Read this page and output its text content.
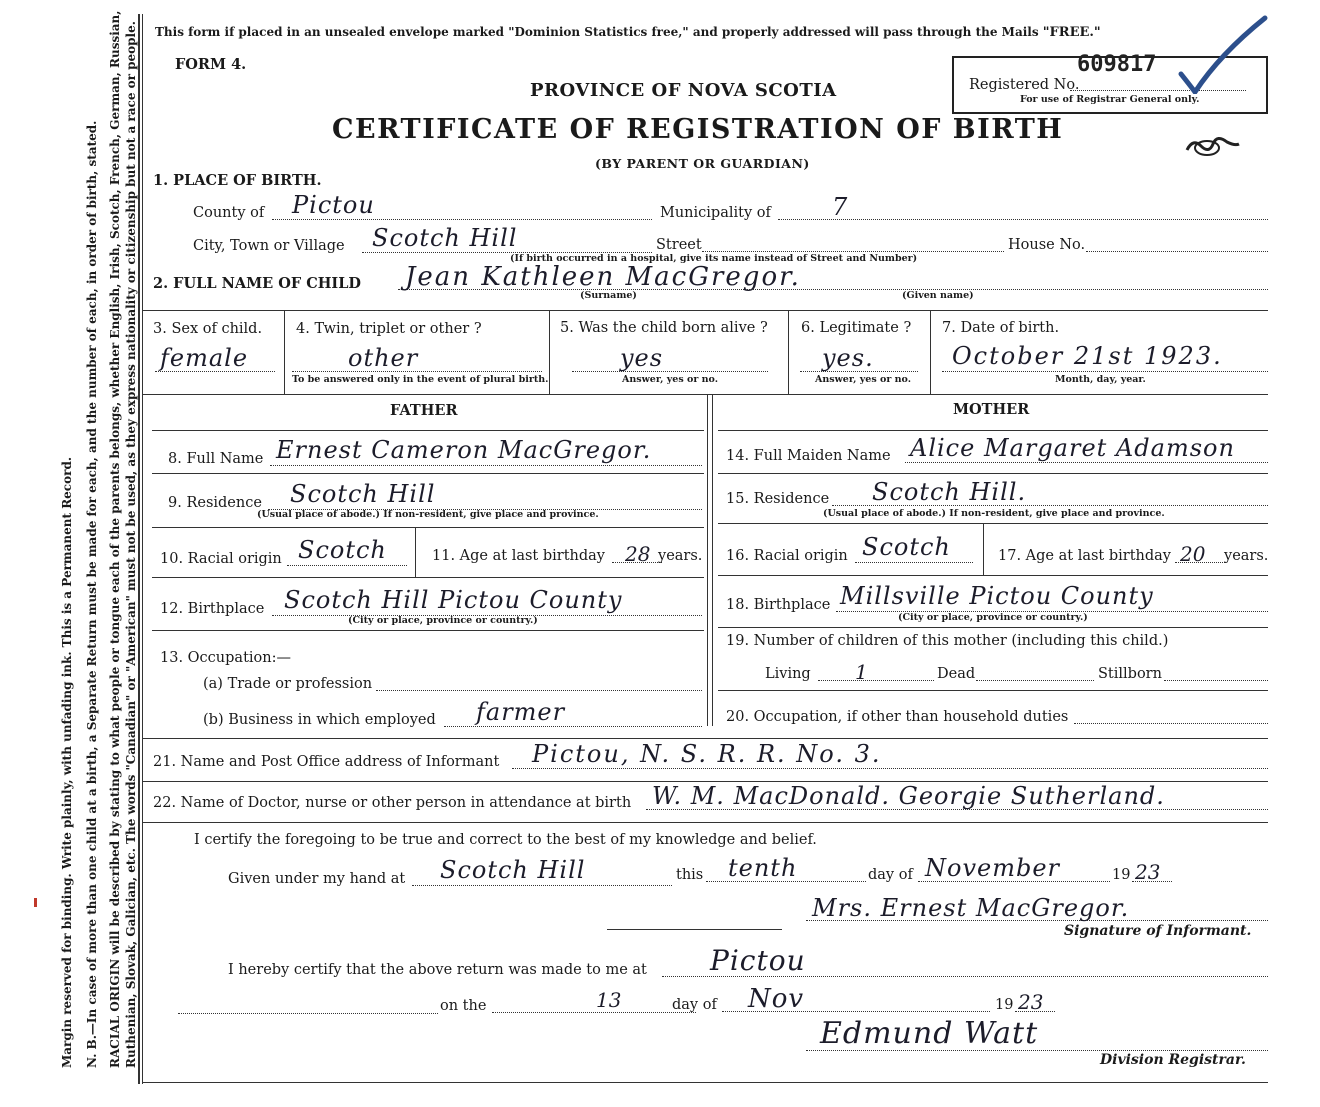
Margin reserved for binding. Write plainly, with unfading ink. This is a Permanent Record. N. B.—In case of more than one child at a birth, a Separate Return must be made for each, and the number of each, in order of birth, stated. RACIAL ORIGIN will be described by stating to what people or tongue each of the parents belongs, whether English, Irish, Scotch, French, German, Russian, Ruthenian, Slovak, Galician, etc. The words "Canadian" or "American" must not be used, as they express nationality or citizenship but not a race or people. This form if placed in an unsealed envelope marked "Dominion Statistics free," and properly addressed will pass through the Mails "FREE."
FORM 4.
PROVINCE OF NOVA SCOTIA
CERTIFICATE OF REGISTRATION OF BIRTH
(BY PARENT OR GUARDIAN)
Registered No.
609817
For use of Registrar General only.
1. PLACE OF BIRTH.
County of Pictou	Municipality of	7
City, Town or Village Scotch Hill	Street
(If birth occurred in a hospital, give its name instead of Street and Number)
House No.
2. FULL NAME OF CHILD Jean Kathleen MacGregor.
(Surname)	(Given name)
3. Sex of child.
female
4. Twin, triplet or other ?
other
To be answered only in the event of plural birth.
5. Was the child born alive ?
yes
Answer, yes or no.
6. Legitimate ?
yes.
Answer, yes or no.
7. Date of birth.
October 21st 1923.
Month, day, year.
FATHER
8. Full Name Ernest Cameron MacGregor.
9. Residence Scotch Hill
(Usual place of abode.) If non-resident, give place and province.
10. Racial origin Scotch	11. Age at last birthday 28 years.
12. Birthplace Scotch Hill Pictou County
(City or place, province or country.)
13. Occupation:—
(a) Trade or profession
(b) Business in which employed farmer
MOTHER
14. Full Maiden Name Alice Margaret Adamson
15. Residence Scotch Hill.
(Usual place of abode.) If non-resident, give place and province.
16. Racial origin Scotch	17. Age at last birthday 20 years.
18. Birthplace Millsville Pictou County
(City or place, province or country.)
19. Number of children of this mother (including this child.)
Living 1	Dead	Stillborn
20. Occupation, if other than household duties
21. Name and Post Office address of Informant Pictou, N. S. R. R. No. 3.
22. Name of Doctor, nurse or other person in attendance at birth W. M. MacDonald. Georgie Sutherland.
I certify the foregoing to be true and correct to the best of my knowledge and belief.
Given under my hand at Scotch Hill	this tenth	day of November	19 23
Mrs. Ernest MacGregor.
Signature of Informant.
I hereby certify that the above return was made to me at Pictou
on the	13	day of Nov	19 23
Edmund Watt
Division Registrar.
